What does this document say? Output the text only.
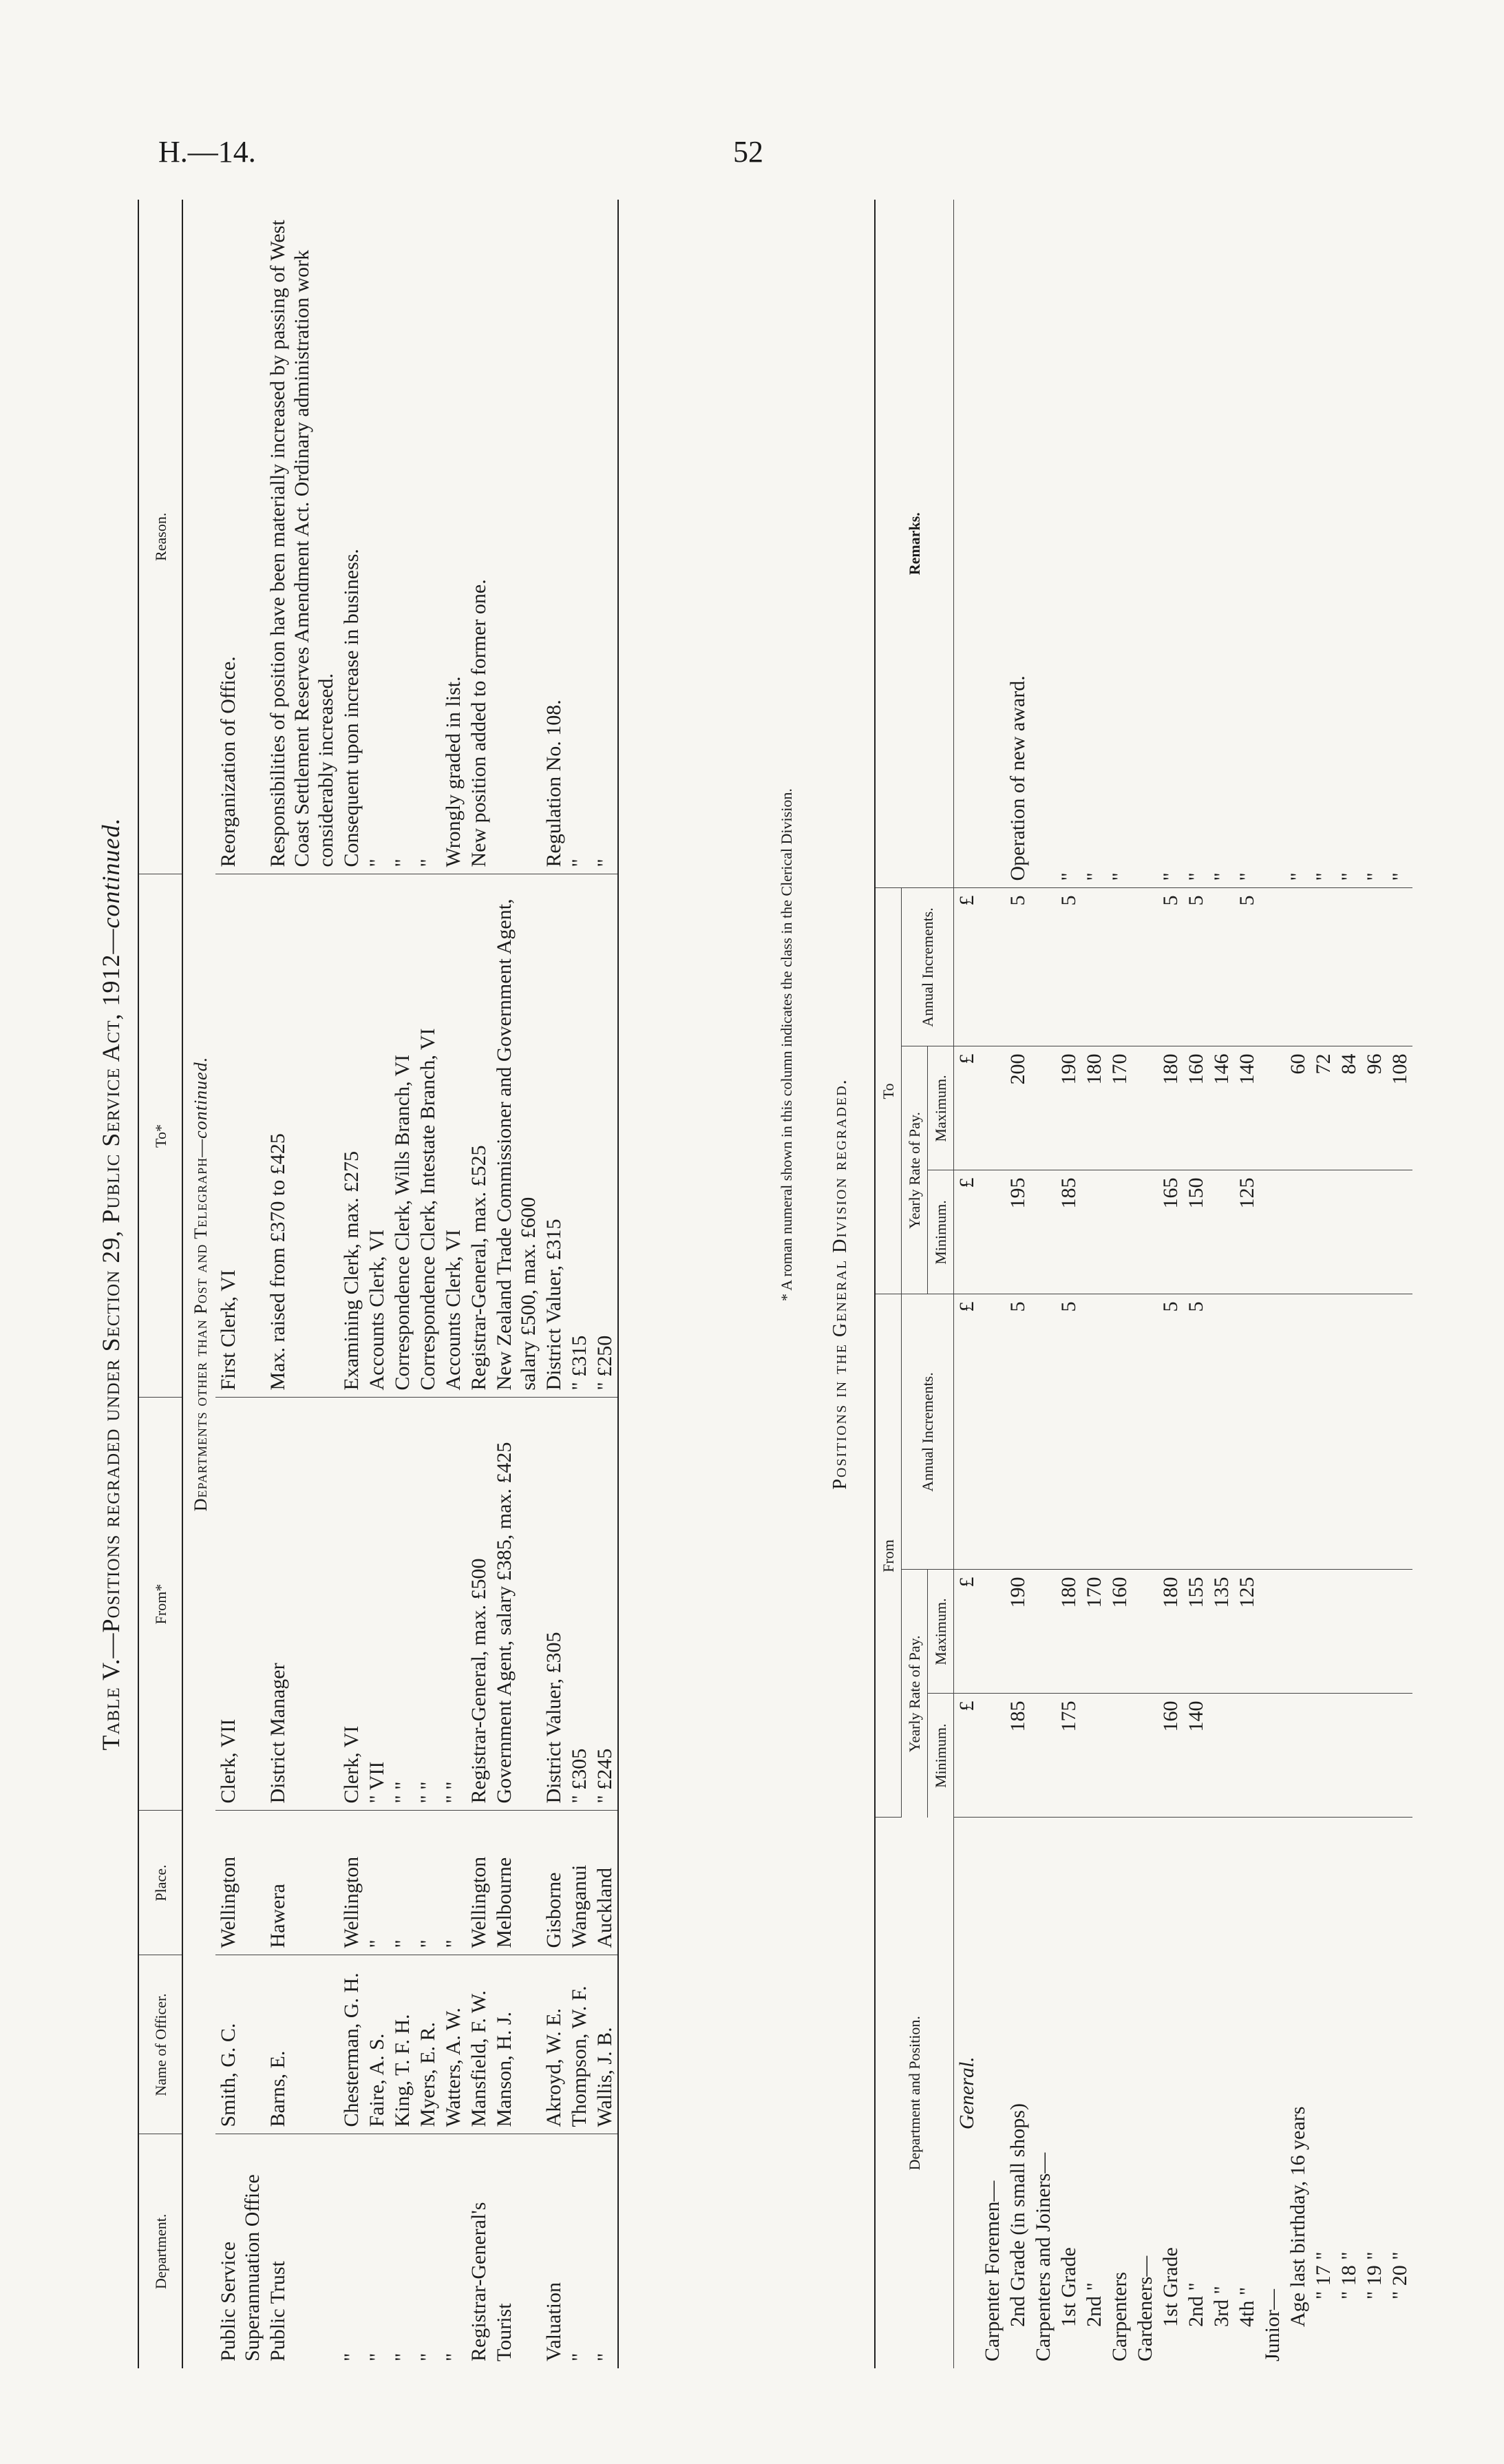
H.—14.	52
Table V.—Positions regraded under Section 29, Public Service Act, 1912—continued.
Department.	Name of Officer.	Place.	From*	To*	Reason.
Departments other than Post and Telegraph—continued.					
Public Service Superannuation Office	Smith, G. C.	Wellington	Clerk, VII	First Clerk, VI	Reorganization of Office.
Public Trust	Barns, E.	Hawera	District Manager	Max. raised from £370 to £425	Responsibilities of position have been materially increased by passing of West Coast Settlement Reserves Amendment Act. Ordinary administration work considerably increased.
"	Chesterman, G. H.	Wellington	Clerk, VI	Examining Clerk, max. £275	Consequent upon increase in business.
"	Faire, A. S.	"	" VII	Accounts Clerk, VI	"
"	King, T. F. H.	"	" "	Correspondence Clerk, Wills Branch, VI	"
"	Myers, E. R.	"	" "	Correspondence Clerk, Intestate Branch, VI	"
"	Watters, A. W.	"	" "	Accounts Clerk, VI	Wrongly graded in list.
Registrar-General's	Mansfield, F. W.	Wellington	Registrar-General, max. £500	Registrar-General, max. £525	New position added to former one.
Tourist	Manson, H. J.	Melbourne	Government Agent, salary £385, max. £425	New Zealand Trade Commissioner and Government Agent, salary £500, max. £600	
Valuation	Akroyd, W. E.	Gisborne	District Valuer, £305	District Valuer, £315	Regulation No. 108.
"	Thompson, W. F.	Wanganui	" £305	" £315	"
"	Wallis, J. B.	Auckland	" £245	" £250	"	* A roman numeral shown in this column indicates the class in the Clerical Division. Positions in the General Division regraded.
Department and Position.	From			To			Remarks.
	Yearly Rate of Pay.		Annual Increments.	Yearly Rate of Pay.		Annual Increments.	
	Minimum.	Maximum.		Minimum.	Maximum.		
General.	£	£	£	£	£	£	
Carpenter Foremen—							
2nd Grade (in small shops)	185	190	5	195	200	5	Operation of new award.
Carpenters and Joiners—							
1st Grade	175	180	5	185	190	5	"
2nd "		170			180		"
Carpenters		160			170		"
Gardeners—							
1st Grade	160	180	5	165	180	5	"
2nd "	140	155	5	150	160	5	"
3rd "		135			146		"
4th "		125		125	140	5	"
Junior—							
Age last birthday, 16 years					60		"
" 17 "					72		"
" 18 "					84		"
" 19 "					96		"
" 20 "					108		"
